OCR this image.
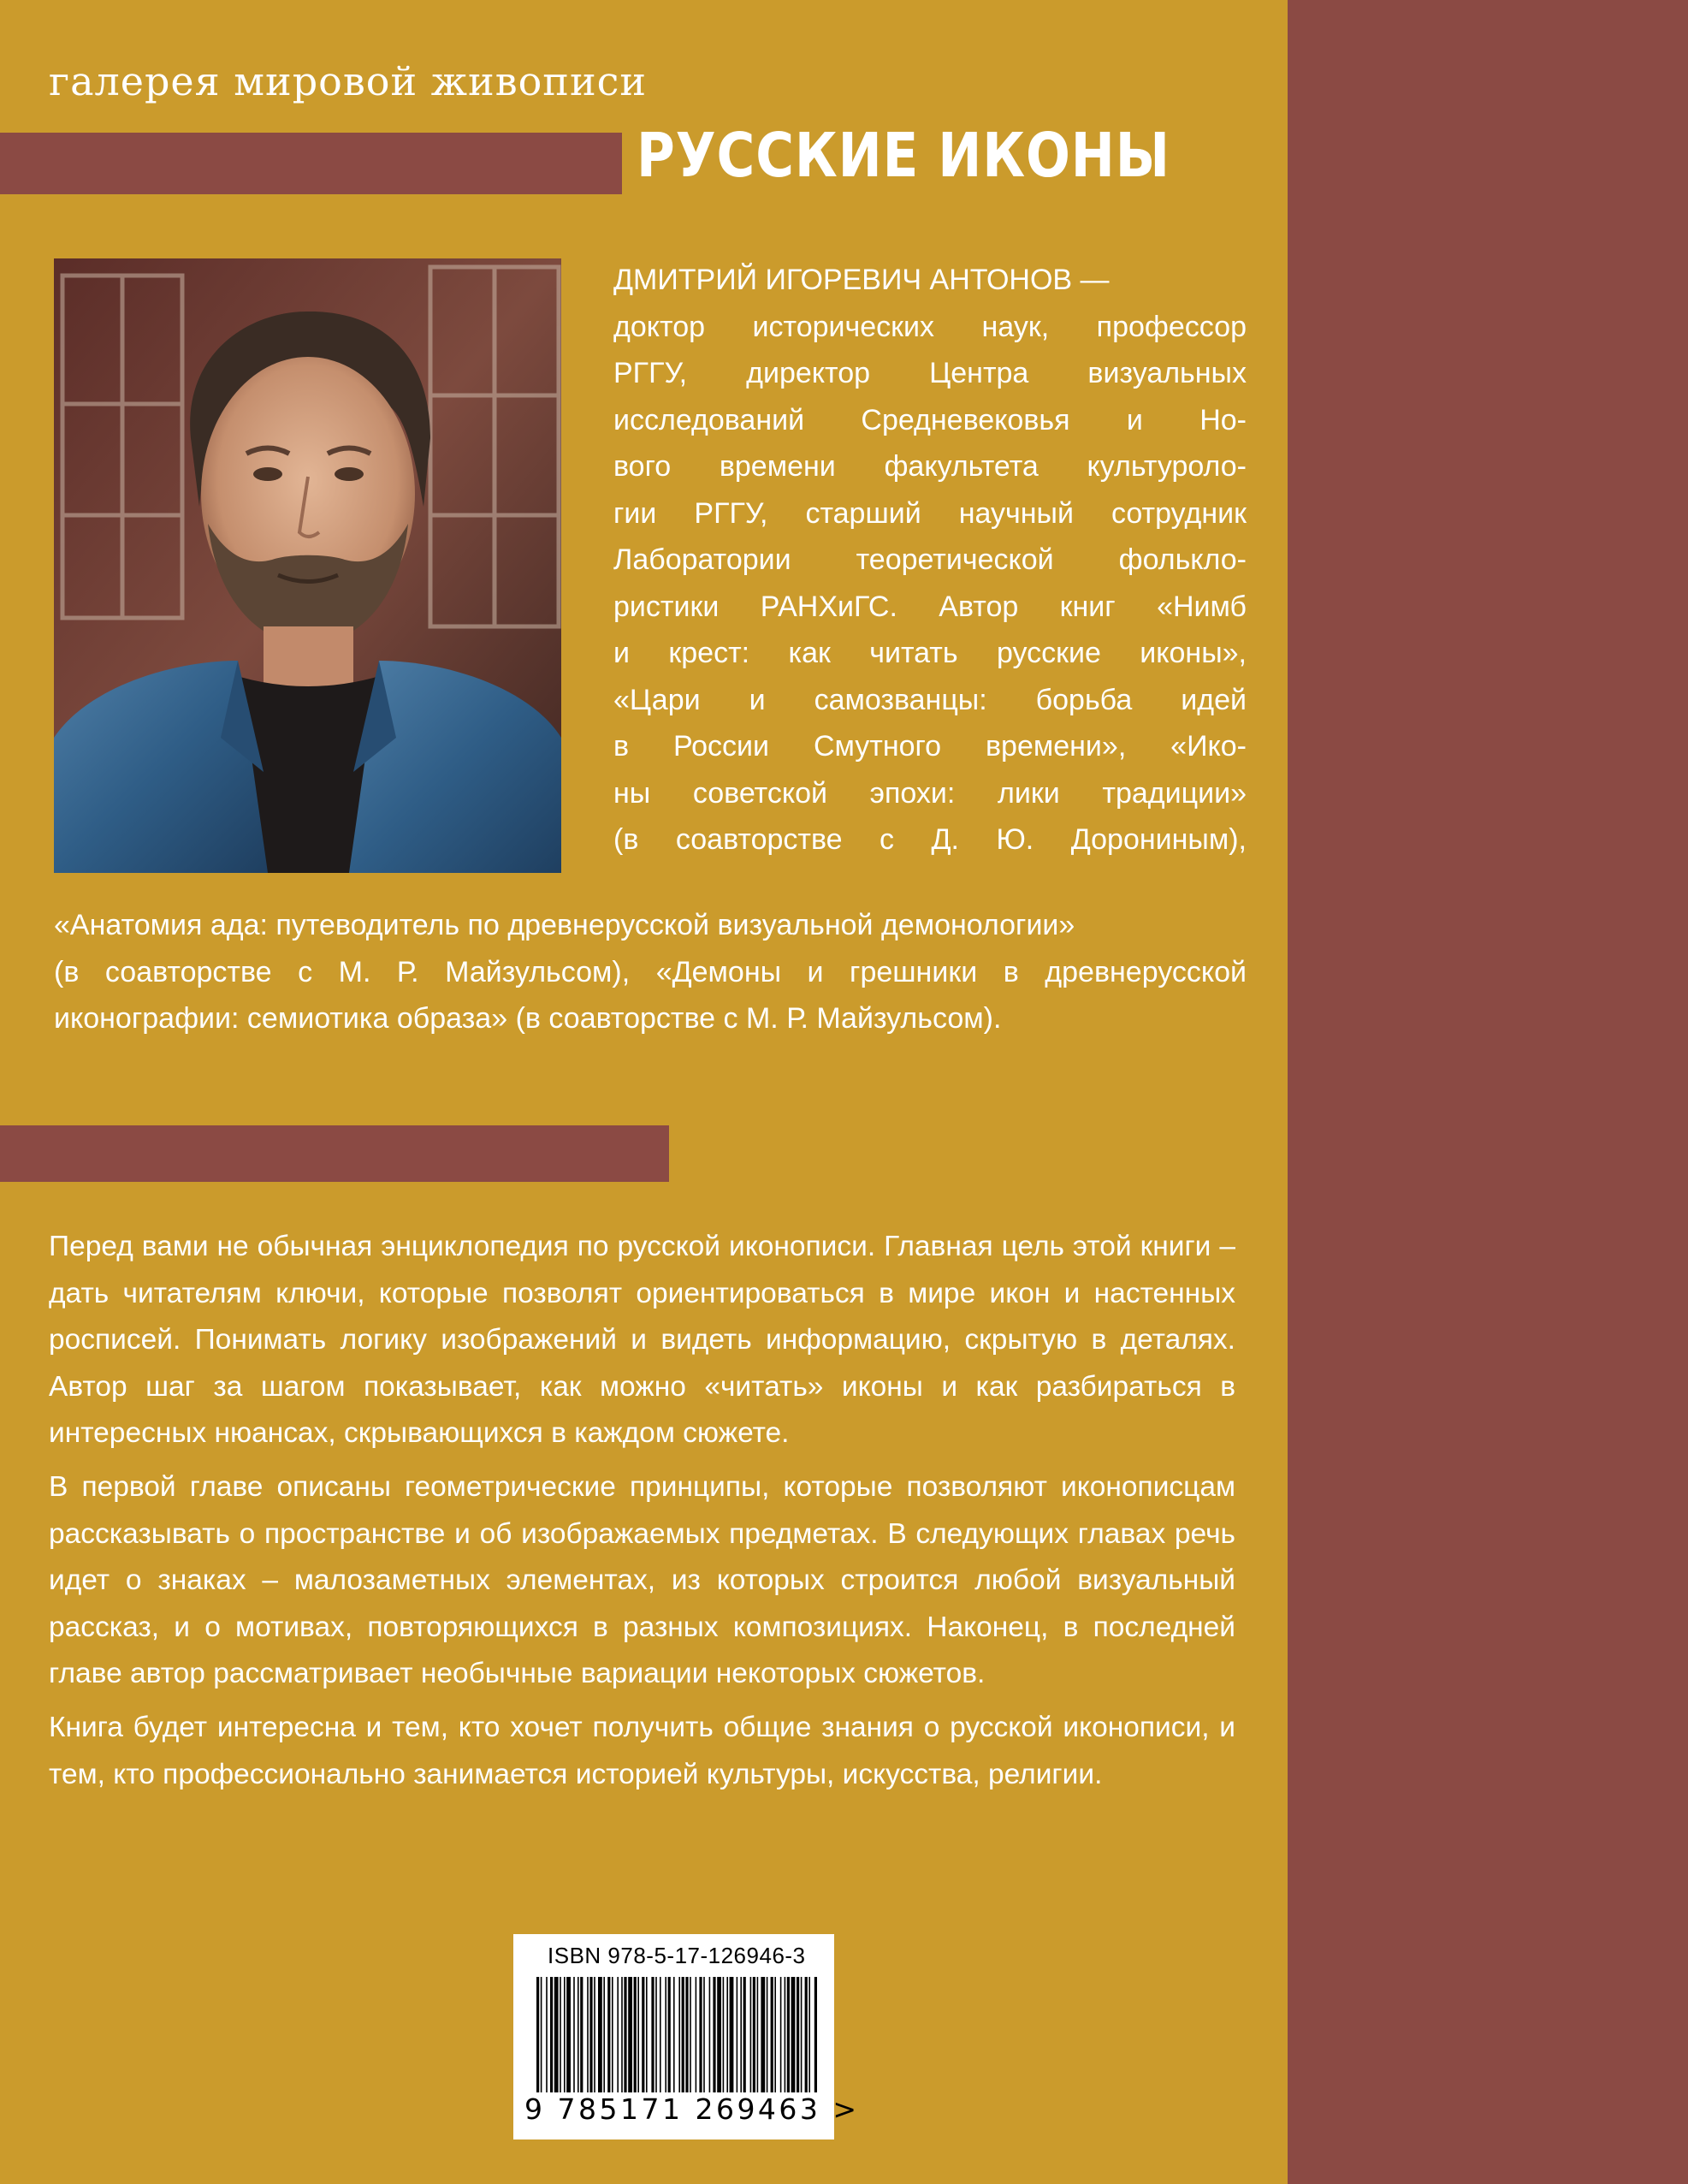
галерея мировой живописи
РУССКИЕ ИКОНЫ
ДМИТРИЙ ИГОРЕВИЧ АНТОНОВ —
доктор исторических наук, профессор
РГГУ, директор Центра визуальных
исследований Средневековья и Но-
вого времени факультета культуроло-
гии РГГУ, старший научный сотрудник
Лаборатории теоретической фолькло-
ристики РАНХиГС. Автор книг «Нимб
и крест: как читать русские иконы»,
«Цари и самозванцы: борьба идей
в России Смутного времени», «Ико-
ны советской эпохи: лики традиции»
(в соавторстве с Д. Ю. Дорониным),
«Анатомия ада: путеводитель по древнерусской визуальной демонологии»
(в соавторстве с М. Р. Майзульсом), «Демоны и грешники в древнерусской
иконографии: семиотика образа» (в соавторстве с М. Р. Майзульсом).

Перед вами не обычная энциклопедия по русской иконописи. Главная цель этой книги – дать читателям ключи, которые позволят ориентироваться в мире икон и настенных росписей. Понимать логику изображений и видеть информацию, скрытую в деталях. Автор шаг за шагом показывает, как можно «читать» иконы и как разбираться в интересных нюансах, скрывающихся в каждом сюжете.

В первой главе описаны геометрические принципы, которые позволяют иконописцам рассказывать о пространстве и об изображаемых предметах. В следующих главах речь идет о знаках – малозаметных элементах, из которых строится любой визуальный рассказ, и о мотивах, повторяющихся в разных композициях. Наконец, в последней главе автор рассматривает необычные вариации некоторых сюжетов.

Книга будет интересна и тем, кто хочет получить общие знания о русской иконописи, и тем, кто профессионально занимается историей культуры, искусства, религии.

ISBN 978-5-17-126946-3
9 785171 269463 >
